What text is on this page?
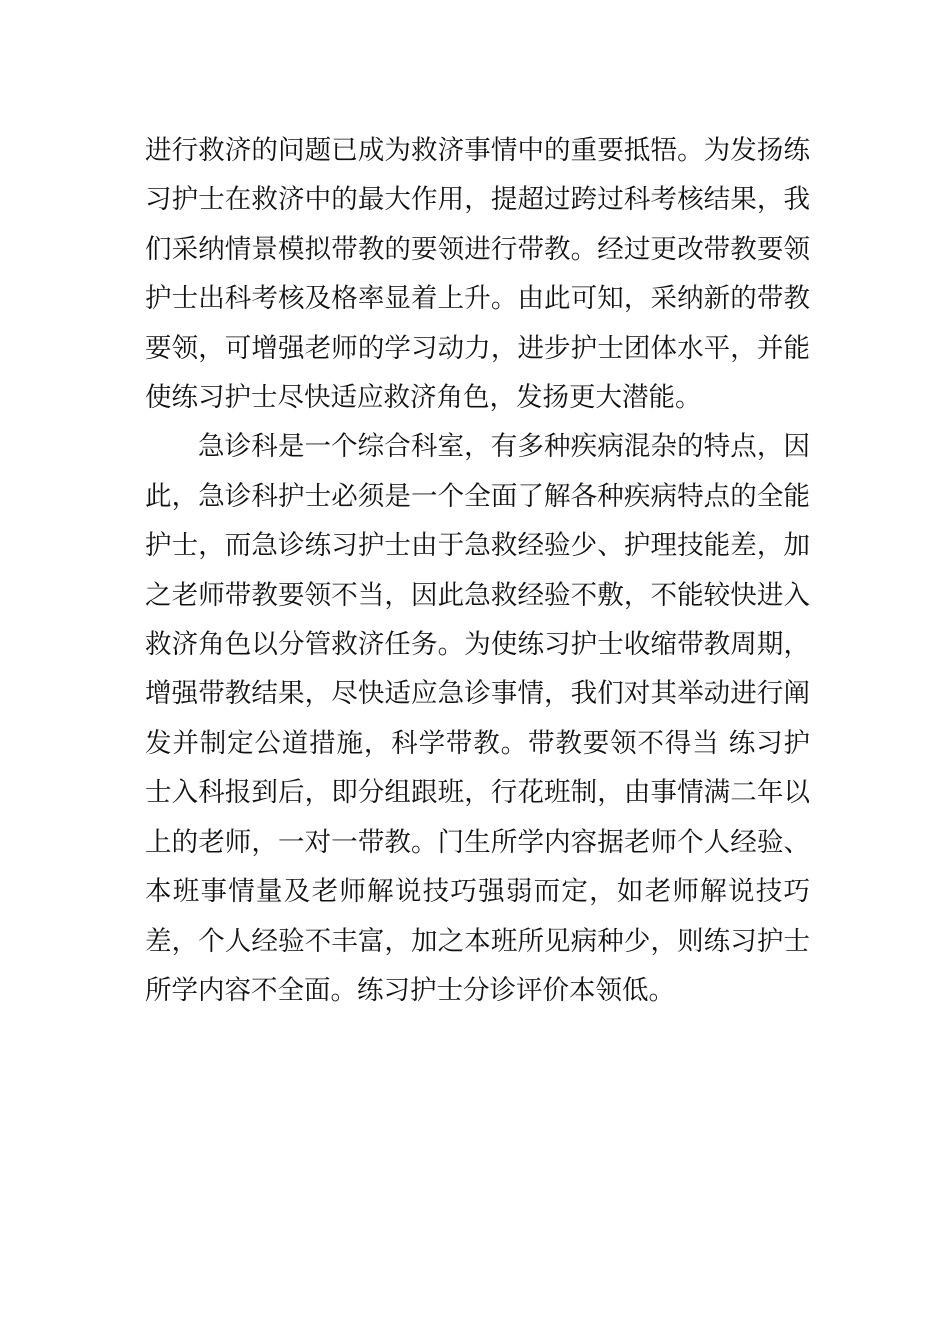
进行救济的问题已成为救济事情中的重要抵牾。为发扬练习护士在救济中的最大作用，提超过跨过科考核结果，我们采纳情景模拟带教的要领进行带教。经过更改带教要领护士出科考核及格率显着上升。由此可知，采纳新的带教要领，可增强老师的学习动力，进步护士团体水平，并能使练习护士尽快适应救济角色，发扬更大潜能。

急诊科是一个综合科室，有多种疾病混杂的特点，因此，急诊科护士必须是一个全面了解各种疾病特点的全能护士，而急诊练习护士由于急救经验少、护理技能差，加之老师带教要领不当，因此急救经验不敷，不能较快进入救济角色以分管救济任务。为使练习护士收缩带教周期，增强带教结果，尽快适应急诊事情，我们对其举动进行阐发并制定公道措施，科学带教。带教要领不得当 练习护士入科报到后，即分组跟班，行花班制，由事情满二年以上的老师，一对一带教。门生所学内容据老师个人经验、本班事情量及老师解说技巧强弱而定，如老师解说技巧差，个人经验不丰富，加之本班所见病种少，则练习护士所学内容不全面。练习护士分诊评价本领低。
